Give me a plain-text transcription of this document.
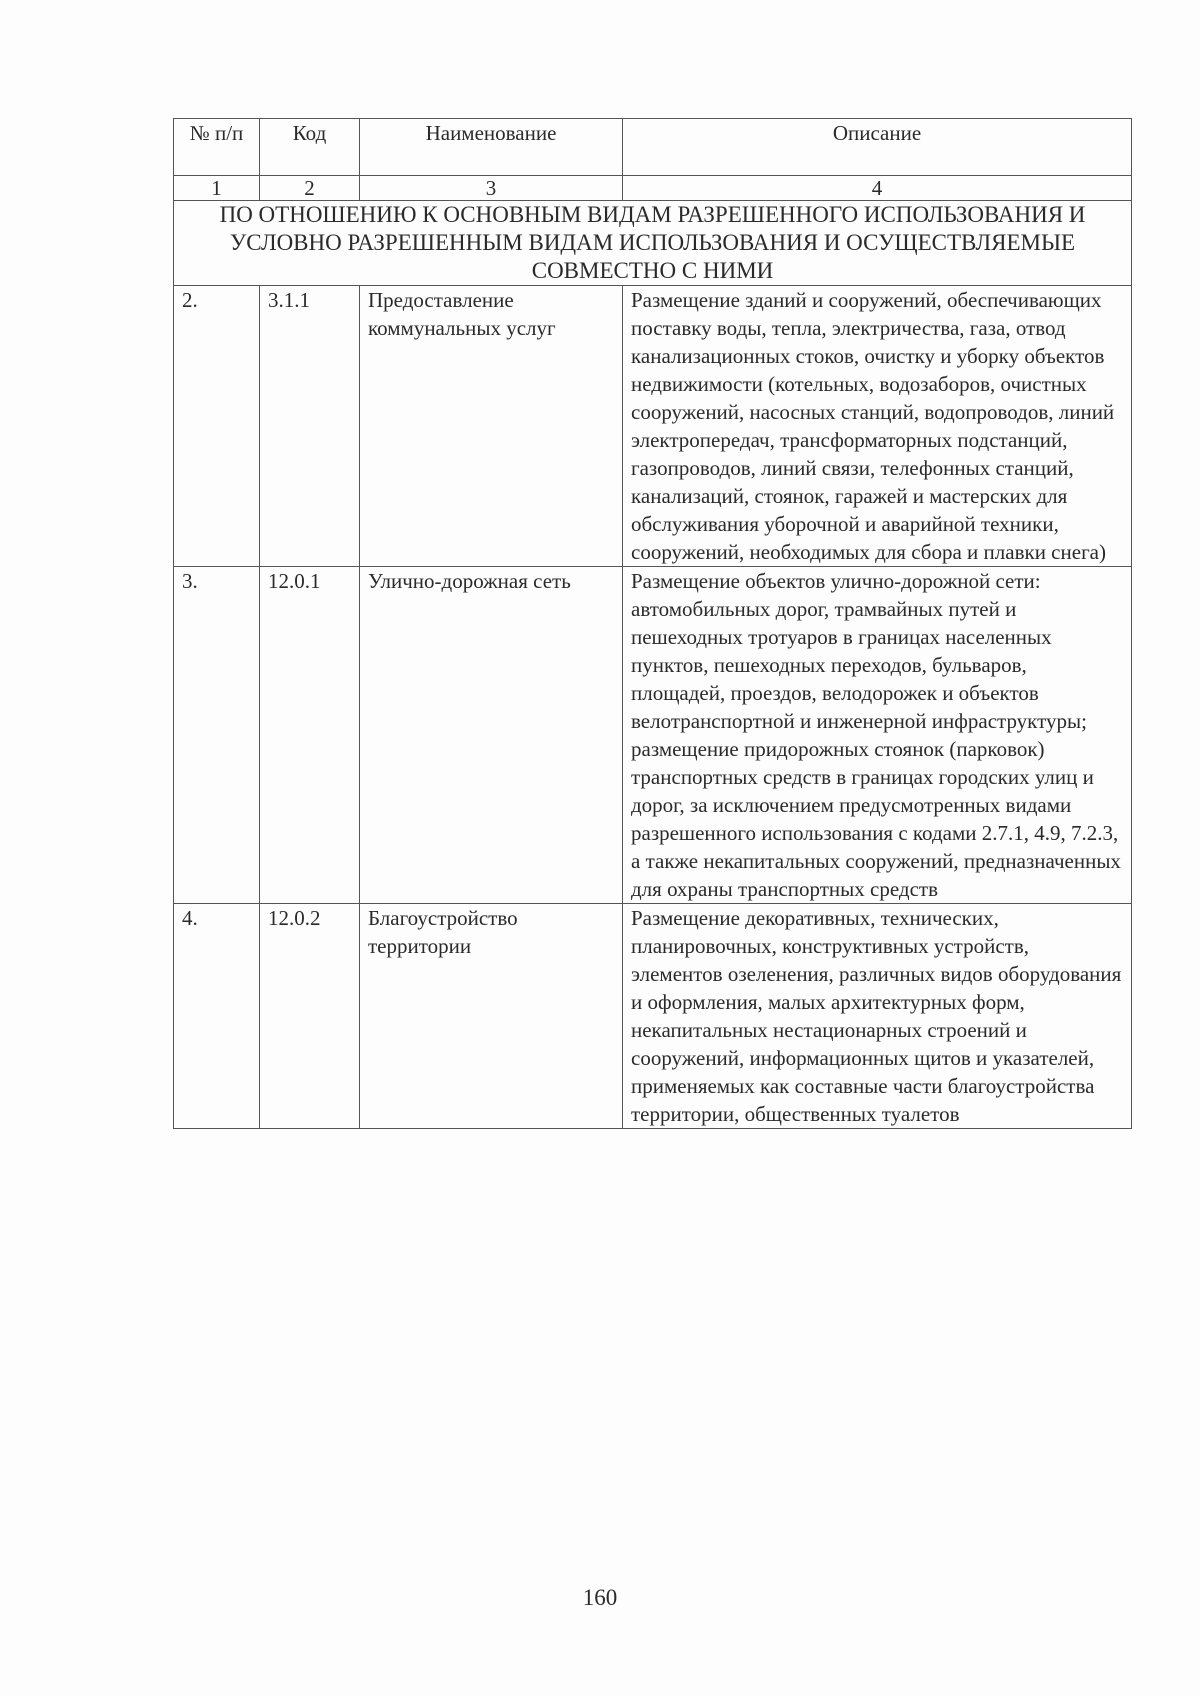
№ п/п	Код	Наименование	Описание
1	2	3	4
ПО ОТНОШЕНИЮ К ОСНОВНЫМ ВИДАМ РАЗРЕШЕННОГО ИСПОЛЬЗОВАНИЯ И УСЛОВНО РАЗРЕШЕННЫМ ВИДАМ ИСПОЛЬЗОВАНИЯ И ОСУЩЕСТВЛЯЕМЫЕ СОВМЕСТНО С НИМИ			
2.	3.1.1	Предоставление коммунальных услуг	Размещение зданий и сооружений, обеспечивающих поставку воды, тепла, электричества, газа, отвод канализационных стоков, очистку и уборку объектов недвижимости (котельных, водозаборов, очистных сооружений, насосных станций, водопроводов, линий электропередач, трансформаторных подстанций, газопроводов, линий связи, телефонных станций, канализаций, стоянок, гаражей и мастерских для обслуживания уборочной и аварийной техники, сооружений, необходимых для сбора и плавки снега)
3.	12.0.1	Улично-дорожная сеть	Размещение объектов улично-дорожной сети: автомобильных дорог, трамвайных путей и пешеходных тротуаров в границах населенных пунктов, пешеходных переходов, бульваров, площадей, проездов, велодорожек и объектов велотранспортной и инженерной инфраструктуры; размещение придорожных стоянок (парковок) транспортных средств в границах городских улиц и дорог, за исключением предусмотренных видами разрешенного использования с кодами 2.7.1, 4.9, 7.2.3, а также некапитальных сооружений, предназначенных для охраны транспортных средств
4.	12.0.2	Благоустройство территории	Размещение декоративных, технических, планировочных, конструктивных устройств, элементов озеленения, различных видов оборудования и оформления, малых архитектурных форм, некапитальных нестационарных строений и сооружений, информационных щитов и указателей, применяемых как составные части благоустройства территории, общественных туалетов
160
